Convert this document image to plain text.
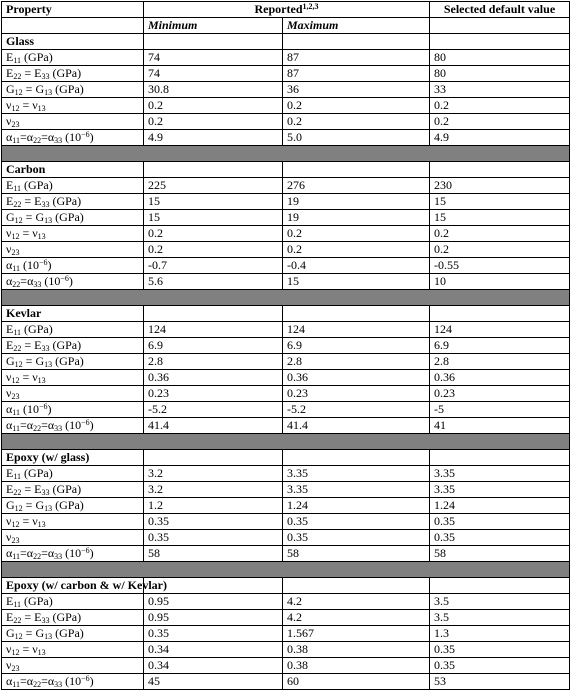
Property	Reported$^{1,2,3}$		Selected default value
	Minimum	Maximum	
Glass			
$E_{11}$ (GPa)	74	87	80
$E_{22} = E_{33}$ (GPa)	74	87	80
$G_{12} = G_{13}$ (GPa)	30.8	36	33
$\nu_{12} = \nu_{13}$	0.2	0.2	0.2
$\nu_{23}$	0.2	0.2	0.2
$\alpha_{11}=\alpha_{22}=\alpha_{33}$ $(10^{-6})$	4.9	5.0	4.9

Carbon			
$E_{11}$ (GPa)	225	276	230
$E_{22} = E_{33}$ (GPa)	15	19	15
$G_{12} = G_{13}$ (GPa)	15	19	15
$\nu_{12} = \nu_{13}$	0.2	0.2	0.2
$\nu_{23}$	0.2	0.2	0.2
$\alpha_{11}$ $(10^{-6})$	-0.7	-0.4	-0.55
$\alpha_{22}=\alpha_{33}$ $(10^{-6})$	5.6	15	10

Kevlar			
$E_{11}$ (GPa)	124	124	124
$E_{22} = E_{33}$ (GPa)	6.9	6.9	6.9
$G_{12} = G_{13}$ (GPa)	2.8	2.8	2.8
$\nu_{12} = \nu_{13}$	0.36	0.36	0.36
$\nu_{23}$	0.23	0.23	0.23
$\alpha_{11}$ $(10^{-6})$	-5.2	-5.2	-5
$\alpha_{11}=\alpha_{22}=\alpha_{33}$ $(10^{-6})$	41.4	41.4	41

Epoxy (w/ glass)			
$E_{11}$ (GPa)	3.2	3.35	3.35
$E_{22} = E_{33}$ (GPa)	3.2	3.35	3.35
$G_{12} = G_{13}$ (GPa)	1.2	1.24	1.24
$\nu_{12} = \nu_{13}$	0.35	0.35	0.35
$\nu_{23}$	0.35	0.35	0.35
$\alpha_{11}=\alpha_{22}=\alpha_{33}$ $(10^{-6})$	58	58	58

Epoxy (w/ carbon & w/ Kevlar)			
$E_{11}$ (GPa)	0.95	4.2	3.5
$E_{22} = E_{33}$ (GPa)	0.95	4.2	3.5
$G_{12} = G_{13}$ (GPa)	0.35	1.567	1.3
$\nu_{12} = \nu_{13}$	0.34	0.38	0.35
$\nu_{23}$	0.34	0.38	0.35
$\alpha_{11}=\alpha_{22}=\alpha_{33}$ $(10^{-6})$	45	60	53
